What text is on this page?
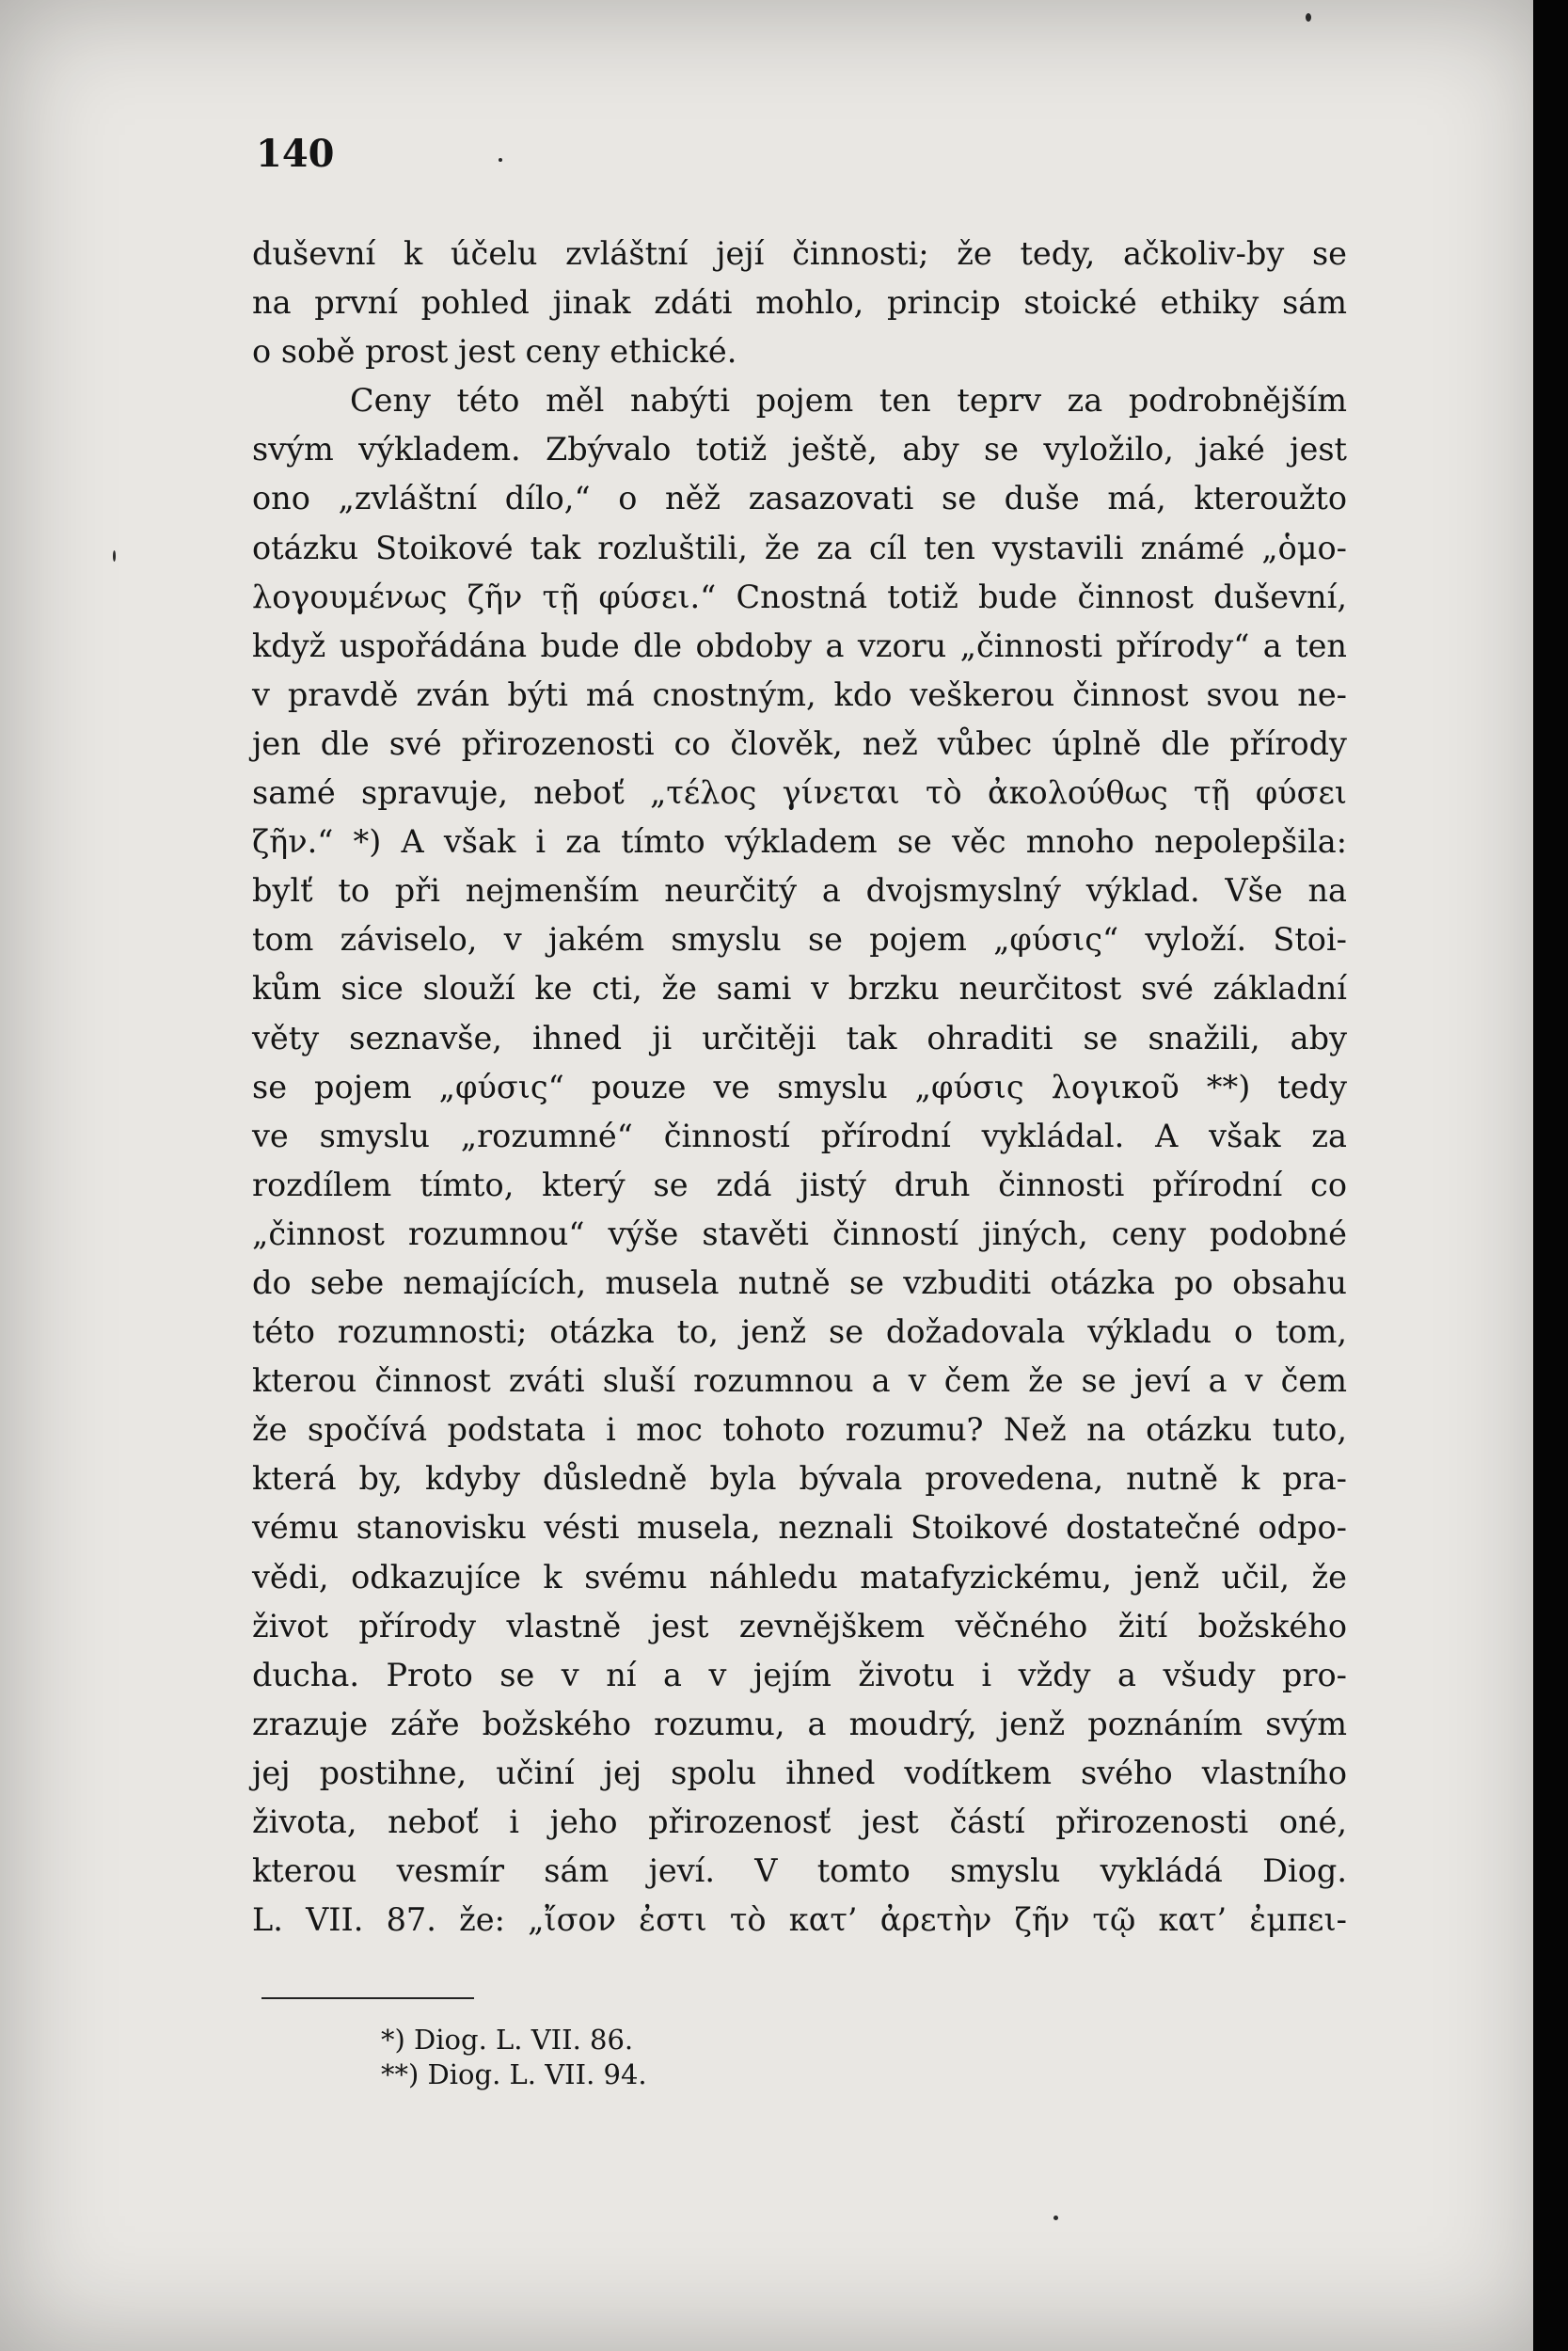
140
duševní k účelu zvláštní její činnosti; že tedy, ačkoliv-by se
na první pohled jinak zdáti mohlo, princip stoické ethiky sám
o sobě prost jest ceny ethické.
Ceny této měl nabýti pojem ten teprv za podrobnějším
svým výkladem. Zbývalo totiž ještě, aby se vyložilo, jaké jest
ono „zvláštní dílo,“ o něž zasazovati se duše má, kteroužto
otázku Stoikové tak rozluštili, že za cíl ten vystavili známé „ὁμο-
λογουμένως ζῆν τῇ φύσει.“ Cnostná totiž bude činnost duševní,
když uspořádána bude dle obdoby a vzoru „činnosti přírody“ a ten
v pravdě zván býti má cnostným, kdo veškerou činnost svou ne-
jen dle své přirozenosti co člověk, než vůbec úplně dle přírody
samé spravuje, neboť „τέλος γίνεται τὸ ἀκολούθως τῇ φύσει
ζῆν.“ *) A však i za tímto výkladem se věc mnoho nepolepšila:
bylť to při nejmenším neurčitý a dvojsmyslný výklad. Vše na
tom záviselo, v jakém smyslu se pojem „φύσις“ vyloží. Stoi-
kům sice slouží ke cti, že sami v brzku neurčitost své základní
věty seznavše, ihned ji určitěji tak ohraditi se snažili, aby
se pojem „φύσις“ pouze ve smyslu „φύσις λογικοῦ **) tedy
ve smyslu „rozumné“ činností přírodní vykládal. A však za
rozdílem tímto, který se zdá jistý druh činnosti přírodní co
„činnost rozumnou“ výše stavěti činností jiných, ceny podobné
do sebe nemajících, musela nutně se vzbuditi otázka po obsahu
této rozumnosti; otázka to, jenž se dožadovala výkladu o tom,
kterou činnost zváti sluší rozumnou a v čem že se jeví a v čem
že spočívá podstata i moc tohoto rozumu? Než na otázku tuto,
která by, kdyby důsledně byla bývala provedena, nutně k pra-
vému stanovisku vésti musela, neznali Stoikové dostatečné odpo-
vědi, odkazujíce k svému náhledu matafyzickému, jenž učil, že
život přírody vlastně jest zevnějškem věčného žití božského
ducha. Proto se v ní a v jejím životu i vždy a všudy pro-
zrazuje záře božského rozumu, a moudrý, jenž poznáním svým
jej postihne, učiní jej spolu ihned vodítkem svého vlastního
života, neboť i jeho přirozenosť jest částí přirozenosti oné,
kterou vesmír sám jeví. V tomto smyslu vykládá Diog.
L. VII. 87. že: „ἴσον ἐστι τὸ κατ’ ἀρετὴν ζῆν τῷ κατ’ ἐμπει-
*) Diog. L. VII. 86.
**) Diog. L. VII. 94.
